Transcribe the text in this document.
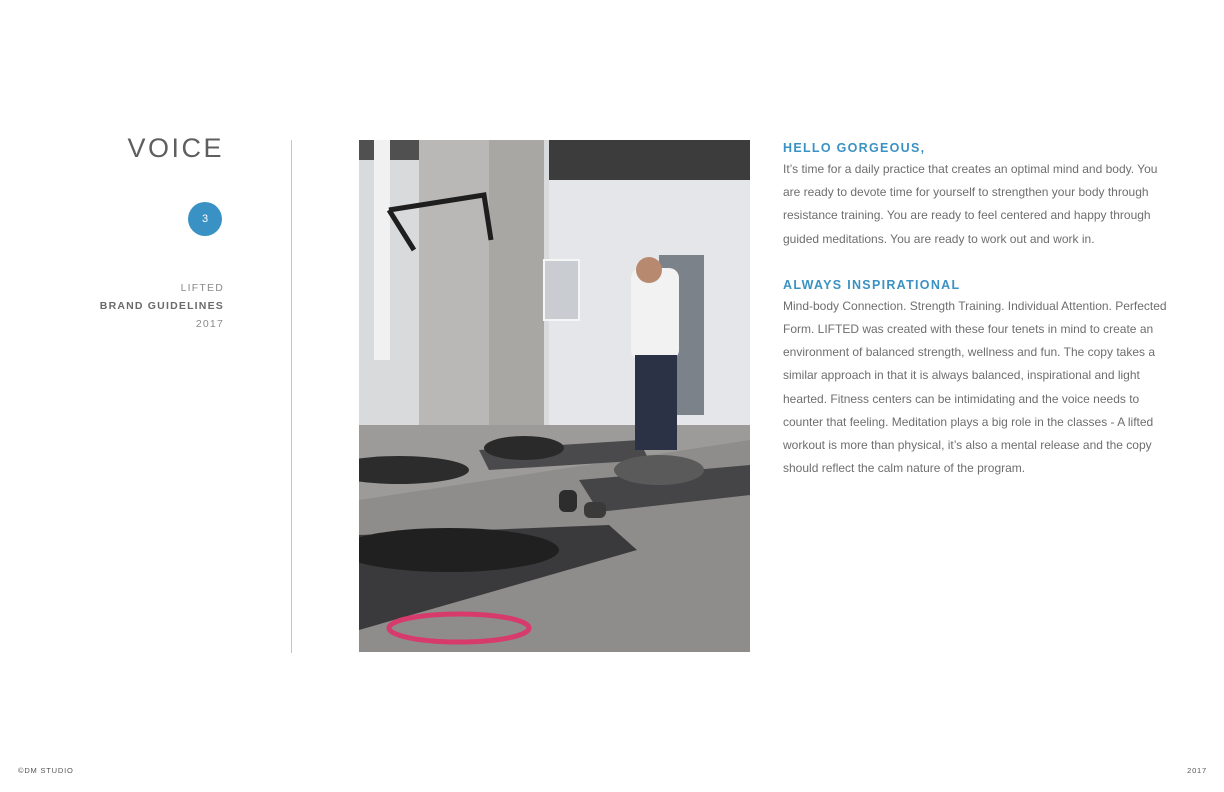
VOICE
3
LIFTED
BRAND GUIDELINES
2017
HELLO GORGEOUS,

It’s time for a daily practice that creates an optimal mind and body. You are ready to devote time for yourself to strengthen your body through resistance training. You are ready to feel centered and happy through guided meditations. You are ready to work out and work in.

ALWAYS INSPIRATIONAL

Mind-body Connection. Strength Training. Individual Attention. Perfected Form. LIFTED was created with these four tenets in mind to create an environment of balanced strength, wellness and fun. The copy takes a similar approach in that it is always balanced, inspirational and light hearted. Fitness centers can be intimidating and the voice needs to counter that feeling. Meditation plays a big role in the classes - A lifted workout is more than physical, it’s also a mental release and the copy should reflect the calm nature of the program.

©DM STUDIO	2017
